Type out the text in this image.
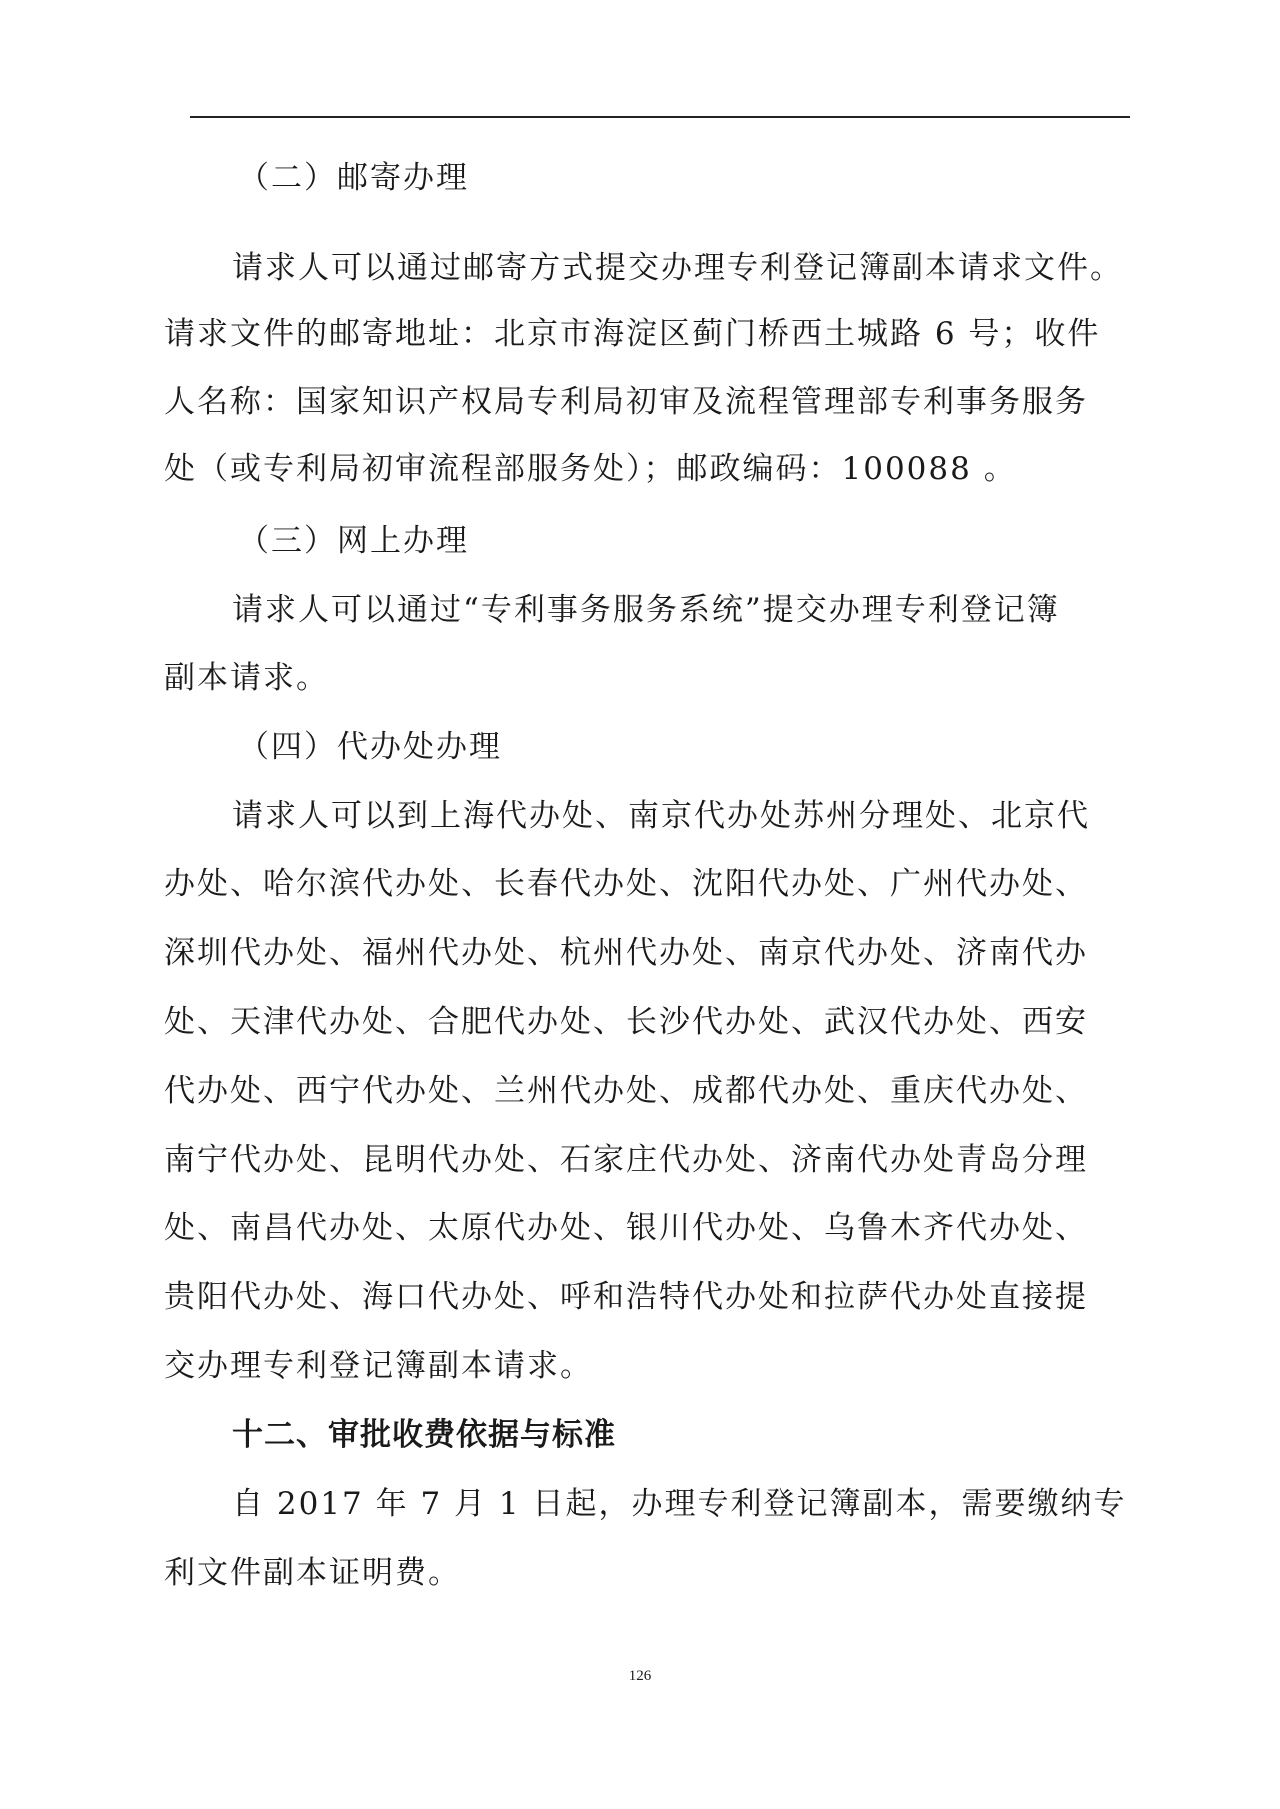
（二）邮寄办理
请求人可以通过邮寄方式提交办理专利登记簿副本请求文件。
请求文件的邮寄地址：北京市海淀区蓟门桥西土城路 6 号；收件
人名称：国家知识产权局专利局初审及流程管理部专利事务服务
处（或专利局初审流程部服务处）；邮政编码：100088 。
（三）网上办理
请求人可以通过“专利事务服务系统”提交办理专利登记簿
副本请求。
（四）代办处办理
请求人可以到上海代办处、南京代办处苏州分理处、北京代
办处、哈尔滨代办处、长春代办处、沈阳代办处、广州代办处、
深圳代办处、福州代办处、杭州代办处、南京代办处、济南代办
处、天津代办处、合肥代办处、长沙代办处、武汉代办处、西安
代办处、西宁代办处、兰州代办处、成都代办处、重庆代办处、
南宁代办处、昆明代办处、石家庄代办处、济南代办处青岛分理
处、南昌代办处、太原代办处、银川代办处、乌鲁木齐代办处、
贵阳代办处、海口代办处、呼和浩特代办处和拉萨代办处直接提
交办理专利登记簿副本请求。
十二、审批收费依据与标准
自 2017 年 7 月 1 日起，办理专利登记簿副本，需要缴纳专
利文件副本证明费。
126
